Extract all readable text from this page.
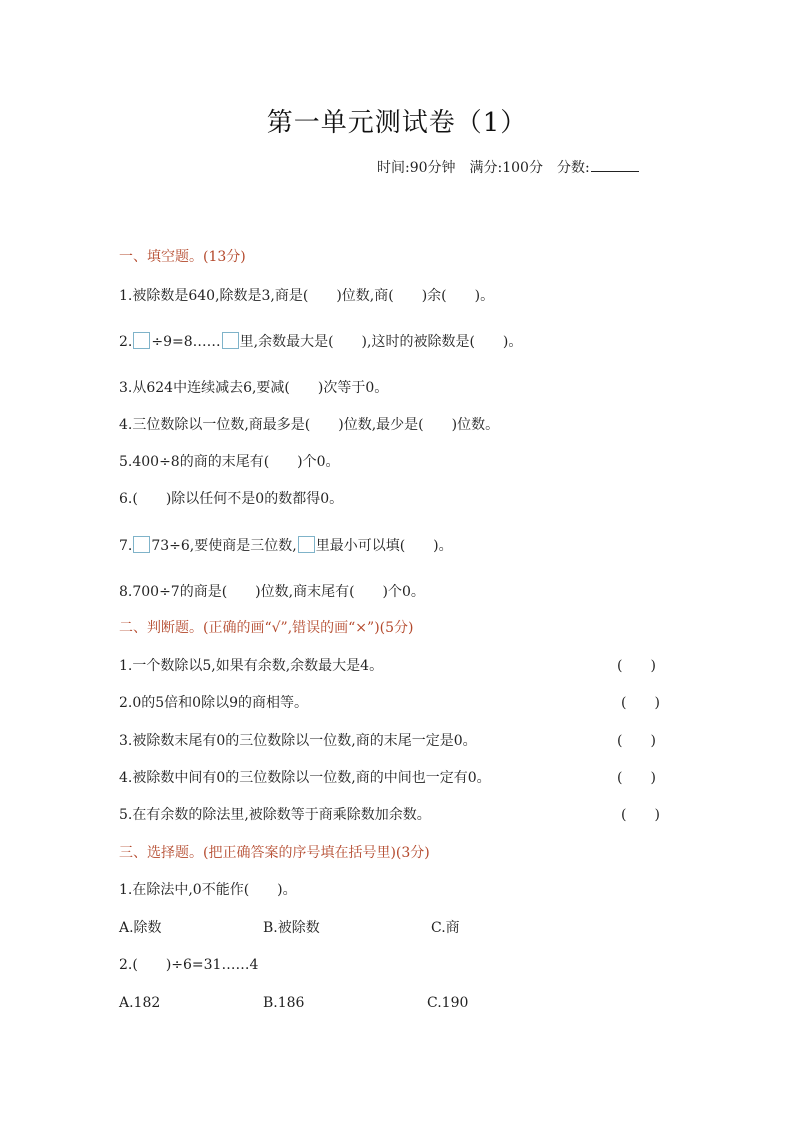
第一单元测试卷（1）
时间:90分钟 满分:100分 分数:
一、填空题。(13分)
1.被除数是640,除数是3,商是(　　)位数,商(　　)余(　　)。
2. ÷9=8…… 里,余数最大是(　　),这时的被除数是(　　)。
3.从624中连续减去6,要减(　　)次等于0。
4.三位数除以一位数,商最多是(　　)位数,最少是(　　)位数。
5.400÷8的商的末尾有(　　)个0。
6.(　　)除以任何不是0的数都得0。
7. 73÷6,要使商是三位数, 里最小可以填(　　)。
8.700÷7的商是(　　)位数,商末尾有(　　)个0。
二、判断题。(正确的画“√”,错误的画“×”)(5分)
1.一个数除以5,如果有余数,余数最大是4。	(　　)
2.0的5倍和0除以9的商相等。	(　　)
3.被除数末尾有0的三位数除以一位数,商的末尾一定是0。	(　　)
4.被除数中间有0的三位数除以一位数,商的中间也一定有0。	(　　)
5.在有余数的除法里,被除数等于商乘除数加余数。	(　　)
三、选择题。(把正确答案的序号填在括号里)(3分)
1.在除法中,0不能作(　　)。
A.除数	B.被除数	C.商
2.(　　)÷6=31……4
A.182	B.186	C.190
